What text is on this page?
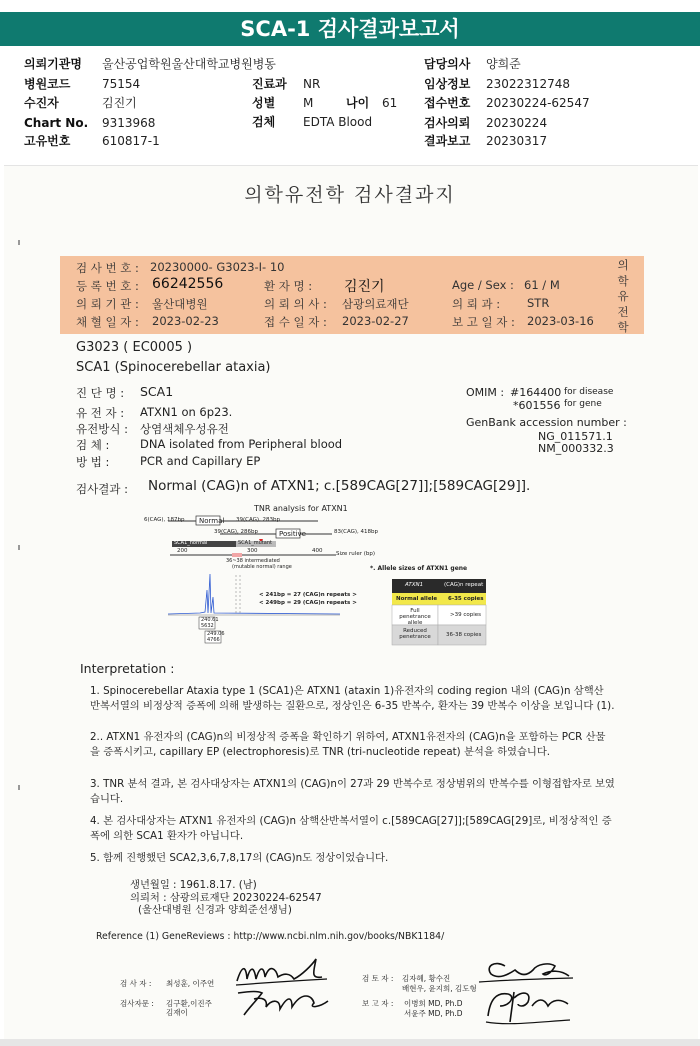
SCA-1 검사결과보고서
의뢰기관명 울산공업학원울산대학교병원병동	담당의사 양희준
병원코드	75154	진료과 NR	임상정보 23022312748
수진자	김진기	성별 M	나이 61 접수번호 20230224-62547
Chart No. 9313968	검체 EDTA Blood	검사의뢰 20230224
고유번호	610817-1	결과보고 20230317
의학유전학 검사결과지
검 사 번 호 : 20230000- G3023-I- 10
등 록 번 호 : 66242556	환 자 명 : 김진기	Age / Sex : 61 / M
의 뢰 기 관 : 울산대병원	의 뢰 의 사 : 삼광의료재단	의 뢰 과 : STR
채 혈 일 자 : 2023-02-23	접 수 일 자 : 2023-02-27	보 고 일 자 : 2023-03-16
의
학
유
전
학
G3023 ( EC0005 )
SCA1 (Spinocerebellar ataxia)
진 단 명 : SCA1
유 전 자 : ATXN1 on 6p23.
유전방식 : 상염색체우성유전
검 체 :	DNA isolated from Peripheral blood
방 법 :	PCR and Capillary EP
OMIM : #164400 for disease
*601556 for gene
GenBank accession number :
NG_011571.1
NM_000332.3
검사결과 : Normal (CAG)n of ATXN1; c.[589CAG[27]];[589CAG[29]].
TNR analysis for ATXN1
Normal
Positive
6(CAG), 187bp	39(CAG), 283bp
39(CAG), 286bp	83(CAG), 418bp
SCA1_normal	SCA1_mutant
200	300	400 Size ruler (bp)
36~38 intermediated
(mutable normal) range
< 241bp = 27 (CAG)n repeats >
< 249bp = 29 (CAG)n repeats >
240.61
5632
249.06
4766
*. Allele sizes of ATXN1 gene
ATXN1	(CAG)n repeat
Normal allele 6-35 copies
Full penetrance allele
>39 copies
Reduced penetrance	36-38 copies
Interpretation :
1. Spinocerebellar Ataxia type 1 (SCA1)은 ATXN1 (ataxin 1)유전자의 coding region 내의 (CAG)n 삼핵산 반복서열의 비정상적 증폭에 의해 발생하는 질환으로, 정상인은 6-35 반복수, 환자는 39 반복수 이상을 보입니다 (1).
2.. ATXN1 유전자의 (CAG)n의 비정상적 증폭을 확인하기 위하여, ATXN1유전자의 (CAG)n을 포함하는 PCR 산물을 증폭시키고, capillary EP (electrophoresis)로 TNR (tri-nucleotide repeat) 분석을 하였습니다.
3. TNR 분석 결과, 본 검사대상자는 ATXN1의 (CAG)n이 27과 29 반복수로 정상범위의 반복수를 이형접합자로 보였습니다.
4. 본 검사대상자는 ATXN1 유전자의 (CAG)n 삼핵산반복서열이 c.[589CAG[27]];[589CAG[29]로, 비정상적인 증폭에 의한 SCA1 환자가 아닙니다.
5. 함께 진행했던 SCA2,3,6,7,8,17의 (CAG)n도 정상이었습니다.
생년월일 : 1961.8.17. (남)
의뢰처 : 삼광의료재단 20230224-62547
(울산대병원 신경과 양희준선생님)
Reference (1) GeneReviews : http://www.ncbi.nlm.nih.gov/books/NBK1184/
검 사 자 : 최성훈, 이주연
검사자문 : 김구환,이진주
김재이
검 토 자 : 김자혜, 황수진
배현우, 윤지희, 김도형
보 고 자 : 이병희 MD, Ph.D
서윤주 MD, Ph.D
